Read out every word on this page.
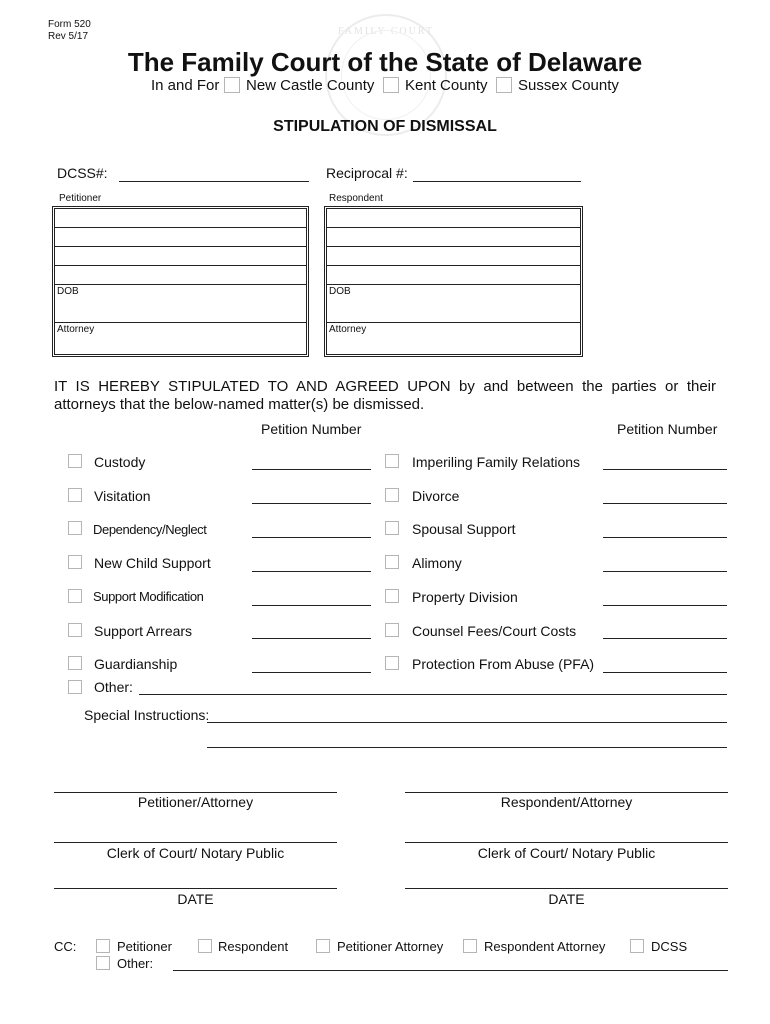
Form 520
Rev 5/17	FAMILY COURT
The Family Court of the State of Delaware
In and For New Castle County Kent County Sussex County
STIPULATION OF DISMISSAL
DCSS#:	Reciprocal #:
Petitioner
DOB
Attorney
Respondent
DOB
Attorney
IT IS HEREBY STIPULATED TO AND AGREED UPON by and between the parties or their attorneys that the below-named matter(s) be dismissed.
Petition Number	Petition Number
Custody	Imperiling Family Relations
Visitation	Divorce
Dependency/Neglect	Spousal Support
New Child Support	Alimony
Support Modification	Property Division
Support Arrears	Counsel Fees/Court Costs
Guardianship	Protection From Abuse (PFA)
Other:
Special Instructions:
Petitioner/Attorney	Respondent/Attorney
Clerk of Court/ Notary Public	Clerk of Court/ Notary Public
DATE	DATE
CC:	Petitioner	Respondent	Petitioner Attorney	Respondent Attorney	DCSS
Other:
